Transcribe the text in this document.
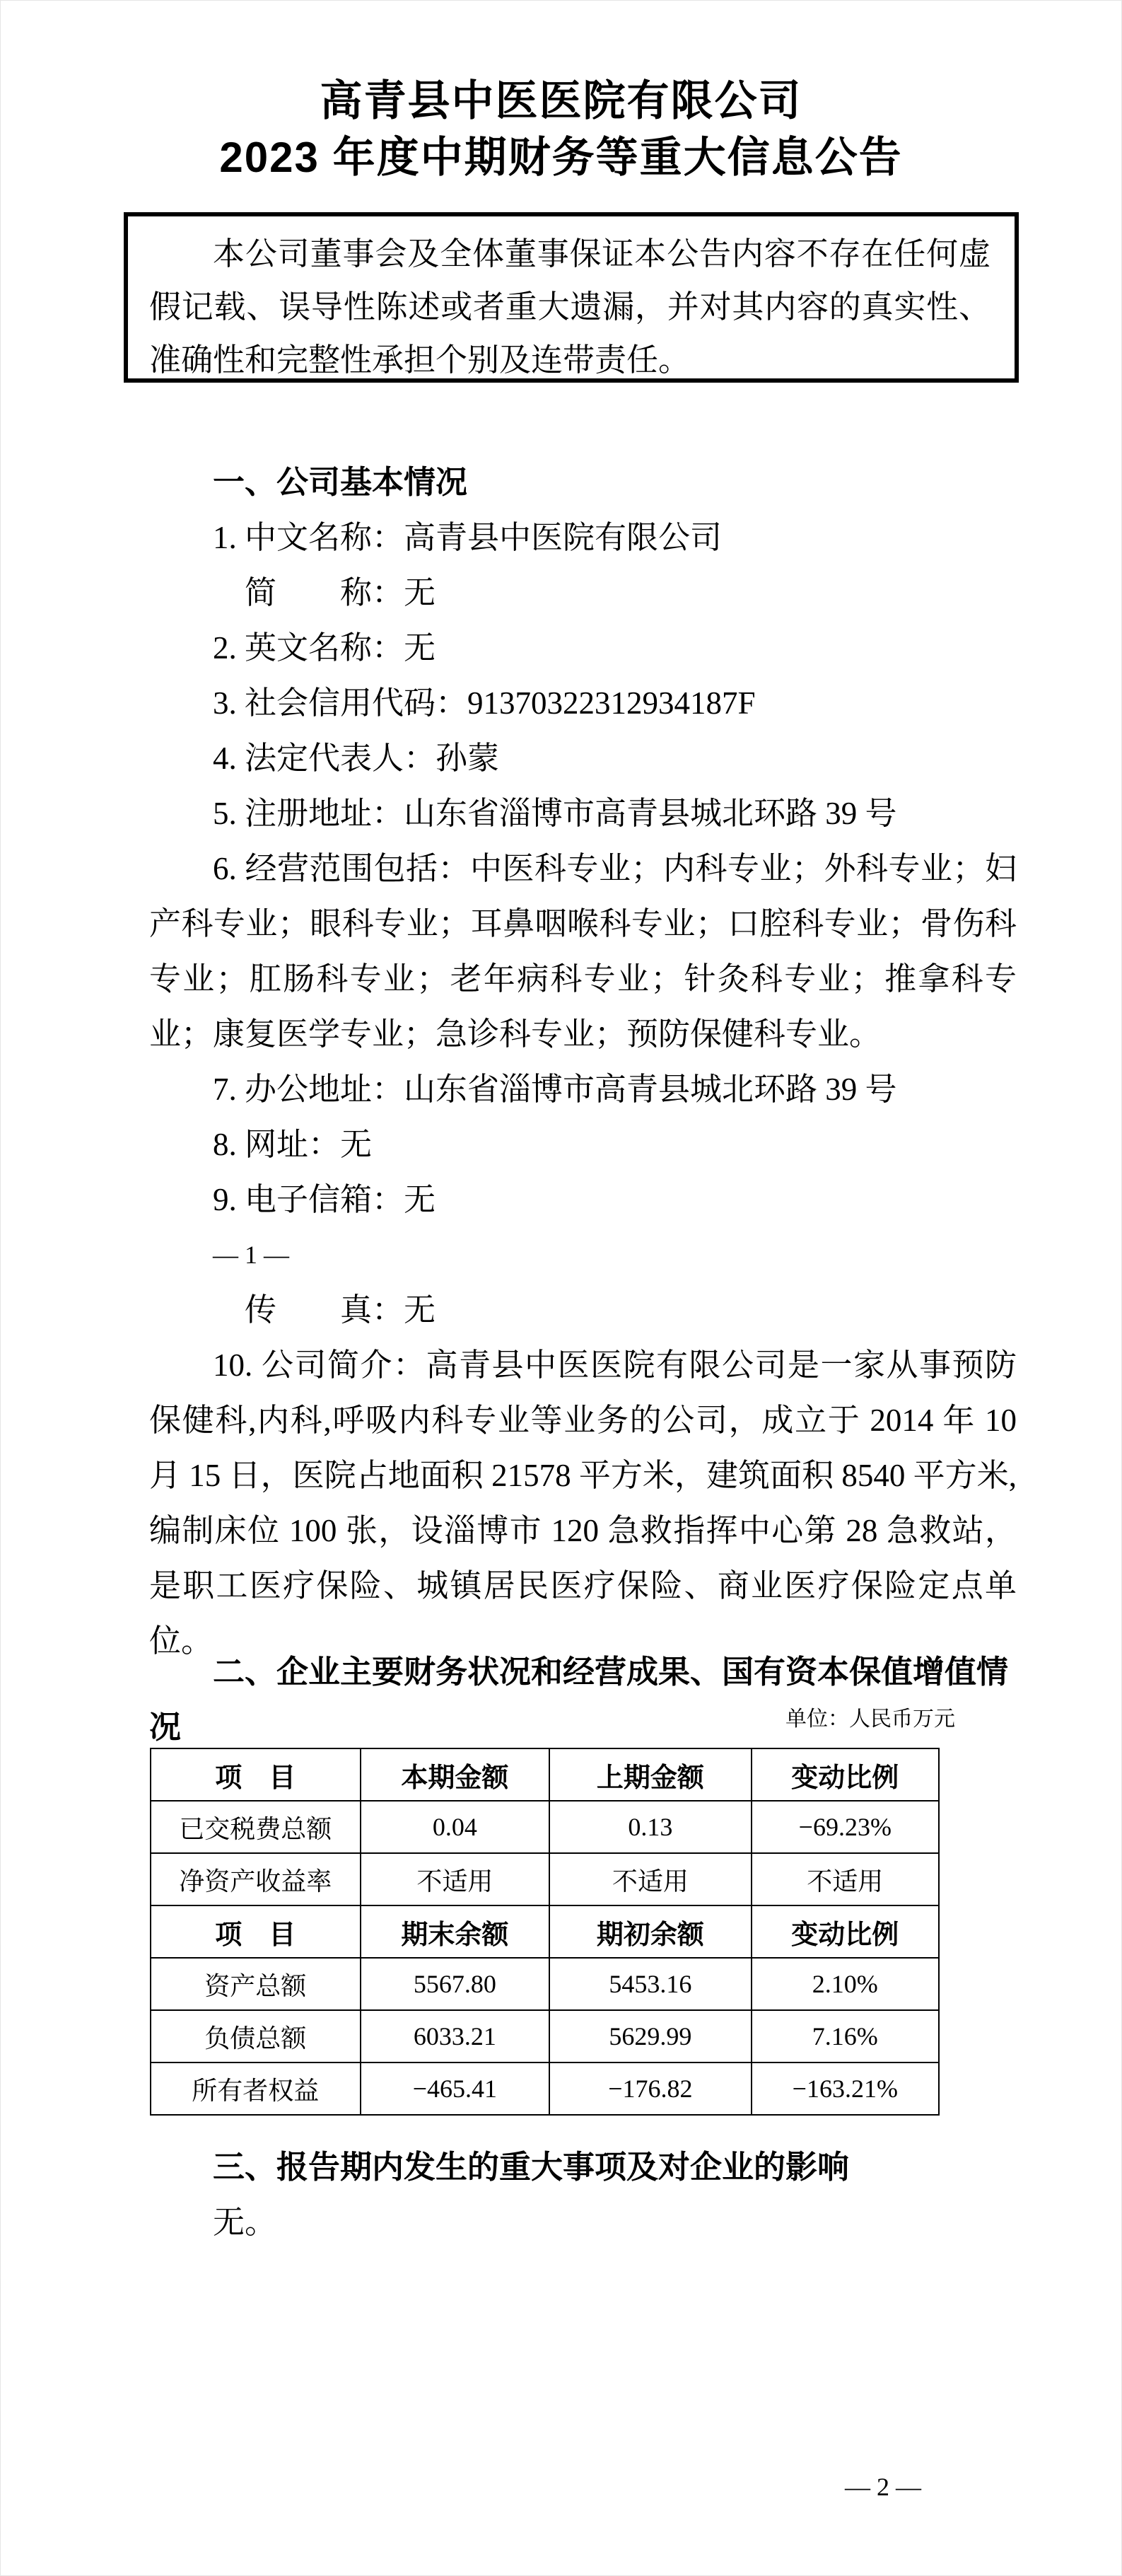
高青县中医医院有限公司
2023 年度中期财务等重大信息公告

本公司董事会及全体董事保证本公告内容不存在任何虚假记载、误导性陈述或者重大遗漏，并对其内容的真实性、准确性和完整性承担个别及连带责任。

一、公司基本情况

1. 中文名称：高青县中医院有限公司

　简　　称：无

2. 英文名称：无

3. 社会信用代码：91370322312934187F

4. 法定代表人：孙蒙

5. 注册地址：山东省淄博市高青县城北环路 39 号

6. 经营范围包括：中医科专业；内科专业；外科专业；妇产科专业；眼科专业；耳鼻咽喉科专业；口腔科专业；骨伤科专业；肛肠科专业；老年病科专业；针灸科专业；推拿科专业；康复医学专业；急诊科专业；预防保健科专业。

7. 办公地址：山东省淄博市高青县城北环路 39 号

8. 网址：无

9. 电子信箱：无

— 1 —

　传　　真：无

10. 公司简介：高青县中医医院有限公司是一家从事预防保健科,内科,呼吸内科专业等业务的公司，成立于 2014 年 10 月 15 日，医院占地面积 21578 平方米，建筑面积 8540 平方米,编制床位 100 张，设淄博市 120 急救指挥中心第 28 急救站，是职工医疗保险、城镇居民医疗保险、商业医疗保险定点单位。

二、企业主要财务状况和经营成果、国有资本保值增值情况	单位：人民币万元
项　目	本期金额	上期金额	变动比例
已交税费总额	0.04	0.13	−69.23%
净资产收益率	不适用	不适用	不适用
项　目	期末余额	期初余额	变动比例
资产总额	5567.80	5453.16	2.10%
负债总额	6033.21	5629.99	7.16%
所有者权益	−465.41	−176.82	−163.21%

三、报告期内发生的重大事项及对企业的影响

无。

— 2 —
